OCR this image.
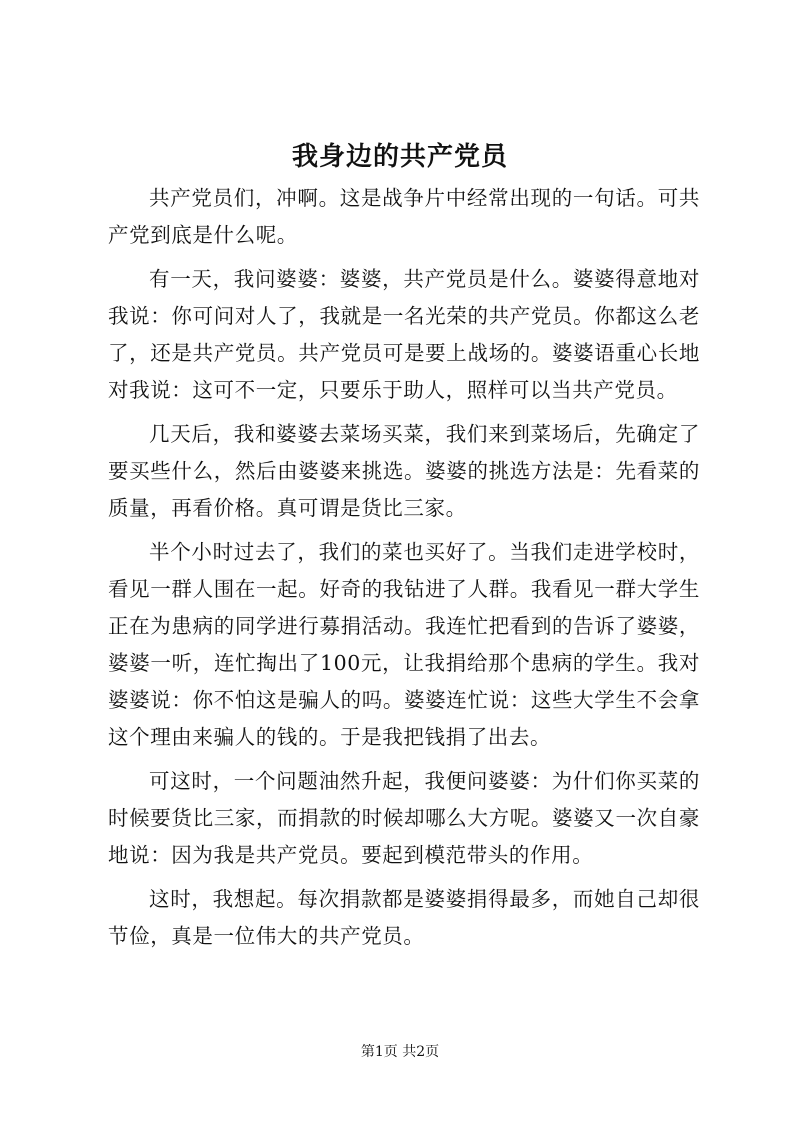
我身边的共产党员

共产党员们，冲啊。这是战争片中经常出现的一句话。可共产党到底是什么呢。

有一天，我问婆婆：婆婆，共产党员是什么。婆婆得意地对我说：你可问对人了，我就是一名光荣的共产党员。你都这么老了，还是共产党员。共产党员可是要上战场的。婆婆语重心长地对我说：这可不一定，只要乐于助人，照样可以当共产党员。

几天后，我和婆婆去菜场买菜，我们来到菜场后，先确定了要买些什么，然后由婆婆来挑选。婆婆的挑选方法是：先看菜的质量，再看价格。真可谓是货比三家。

半个小时过去了，我们的菜也买好了。当我们走进学校时，看见一群人围在一起。好奇的我钻进了人群。我看见一群大学生正在为患病的同学进行募捐活动。我连忙把看到的告诉了婆婆，婆婆一听，连忙掏出了100元，让我捐给那个患病的学生。我对婆婆说：你不怕这是骗人的吗。婆婆连忙说：这些大学生不会拿这个理由来骗人的钱的。于是我把钱捐了出去。

可这时，一个问题油然升起，我便问婆婆：为什们你买菜的时候要货比三家，而捐款的时候却哪么大方呢。婆婆又一次自豪地说：因为我是共产党员。要起到模范带头的作用。

这时，我想起。每次捐款都是婆婆捐得最多，而她自己却很节俭，真是一位伟大的共产党员。

第1页 共2页
